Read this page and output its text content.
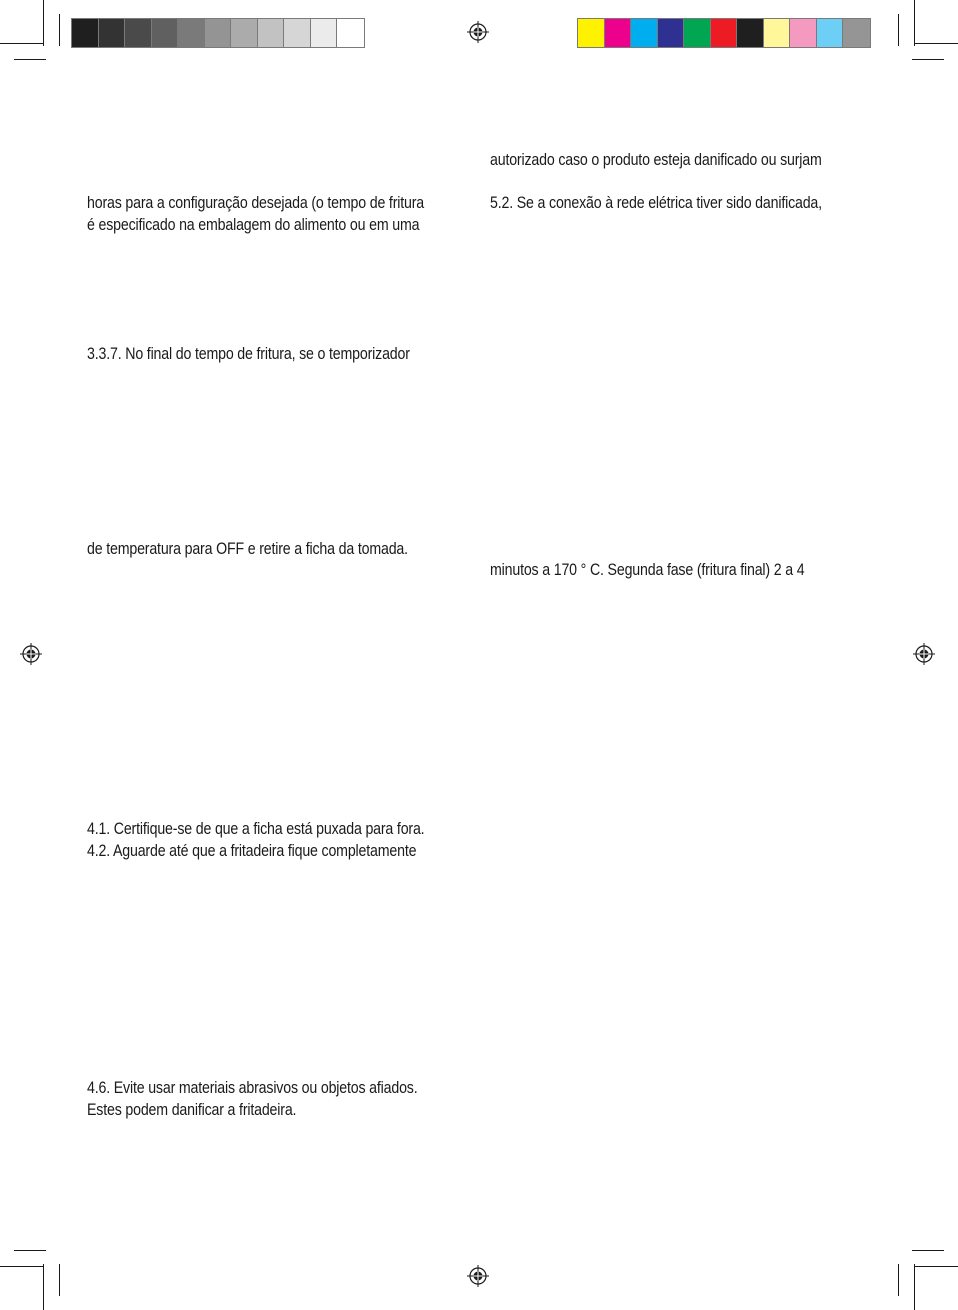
horas para a configuração desejada (o tempo de fritura
é especificado na embalagem do alimento ou em uma
3.3.7. No final do tempo de fritura, se o temporizador
de temperatura para OFF e retire a ficha da tomada.
4.1. Certifique-se de que a ficha está puxada para fora.
4.2. Aguarde até que a fritadeira fique completamente
4.6. Evite usar materiais abrasivos ou objetos afiados.
Estes podem danificar a fritadeira.
autorizado caso o produto esteja danificado ou surjam
5.2. Se a conexão à rede elétrica tiver sido danificada,
minutos a 170 ° C. Segunda fase (fritura final) 2 a 4
